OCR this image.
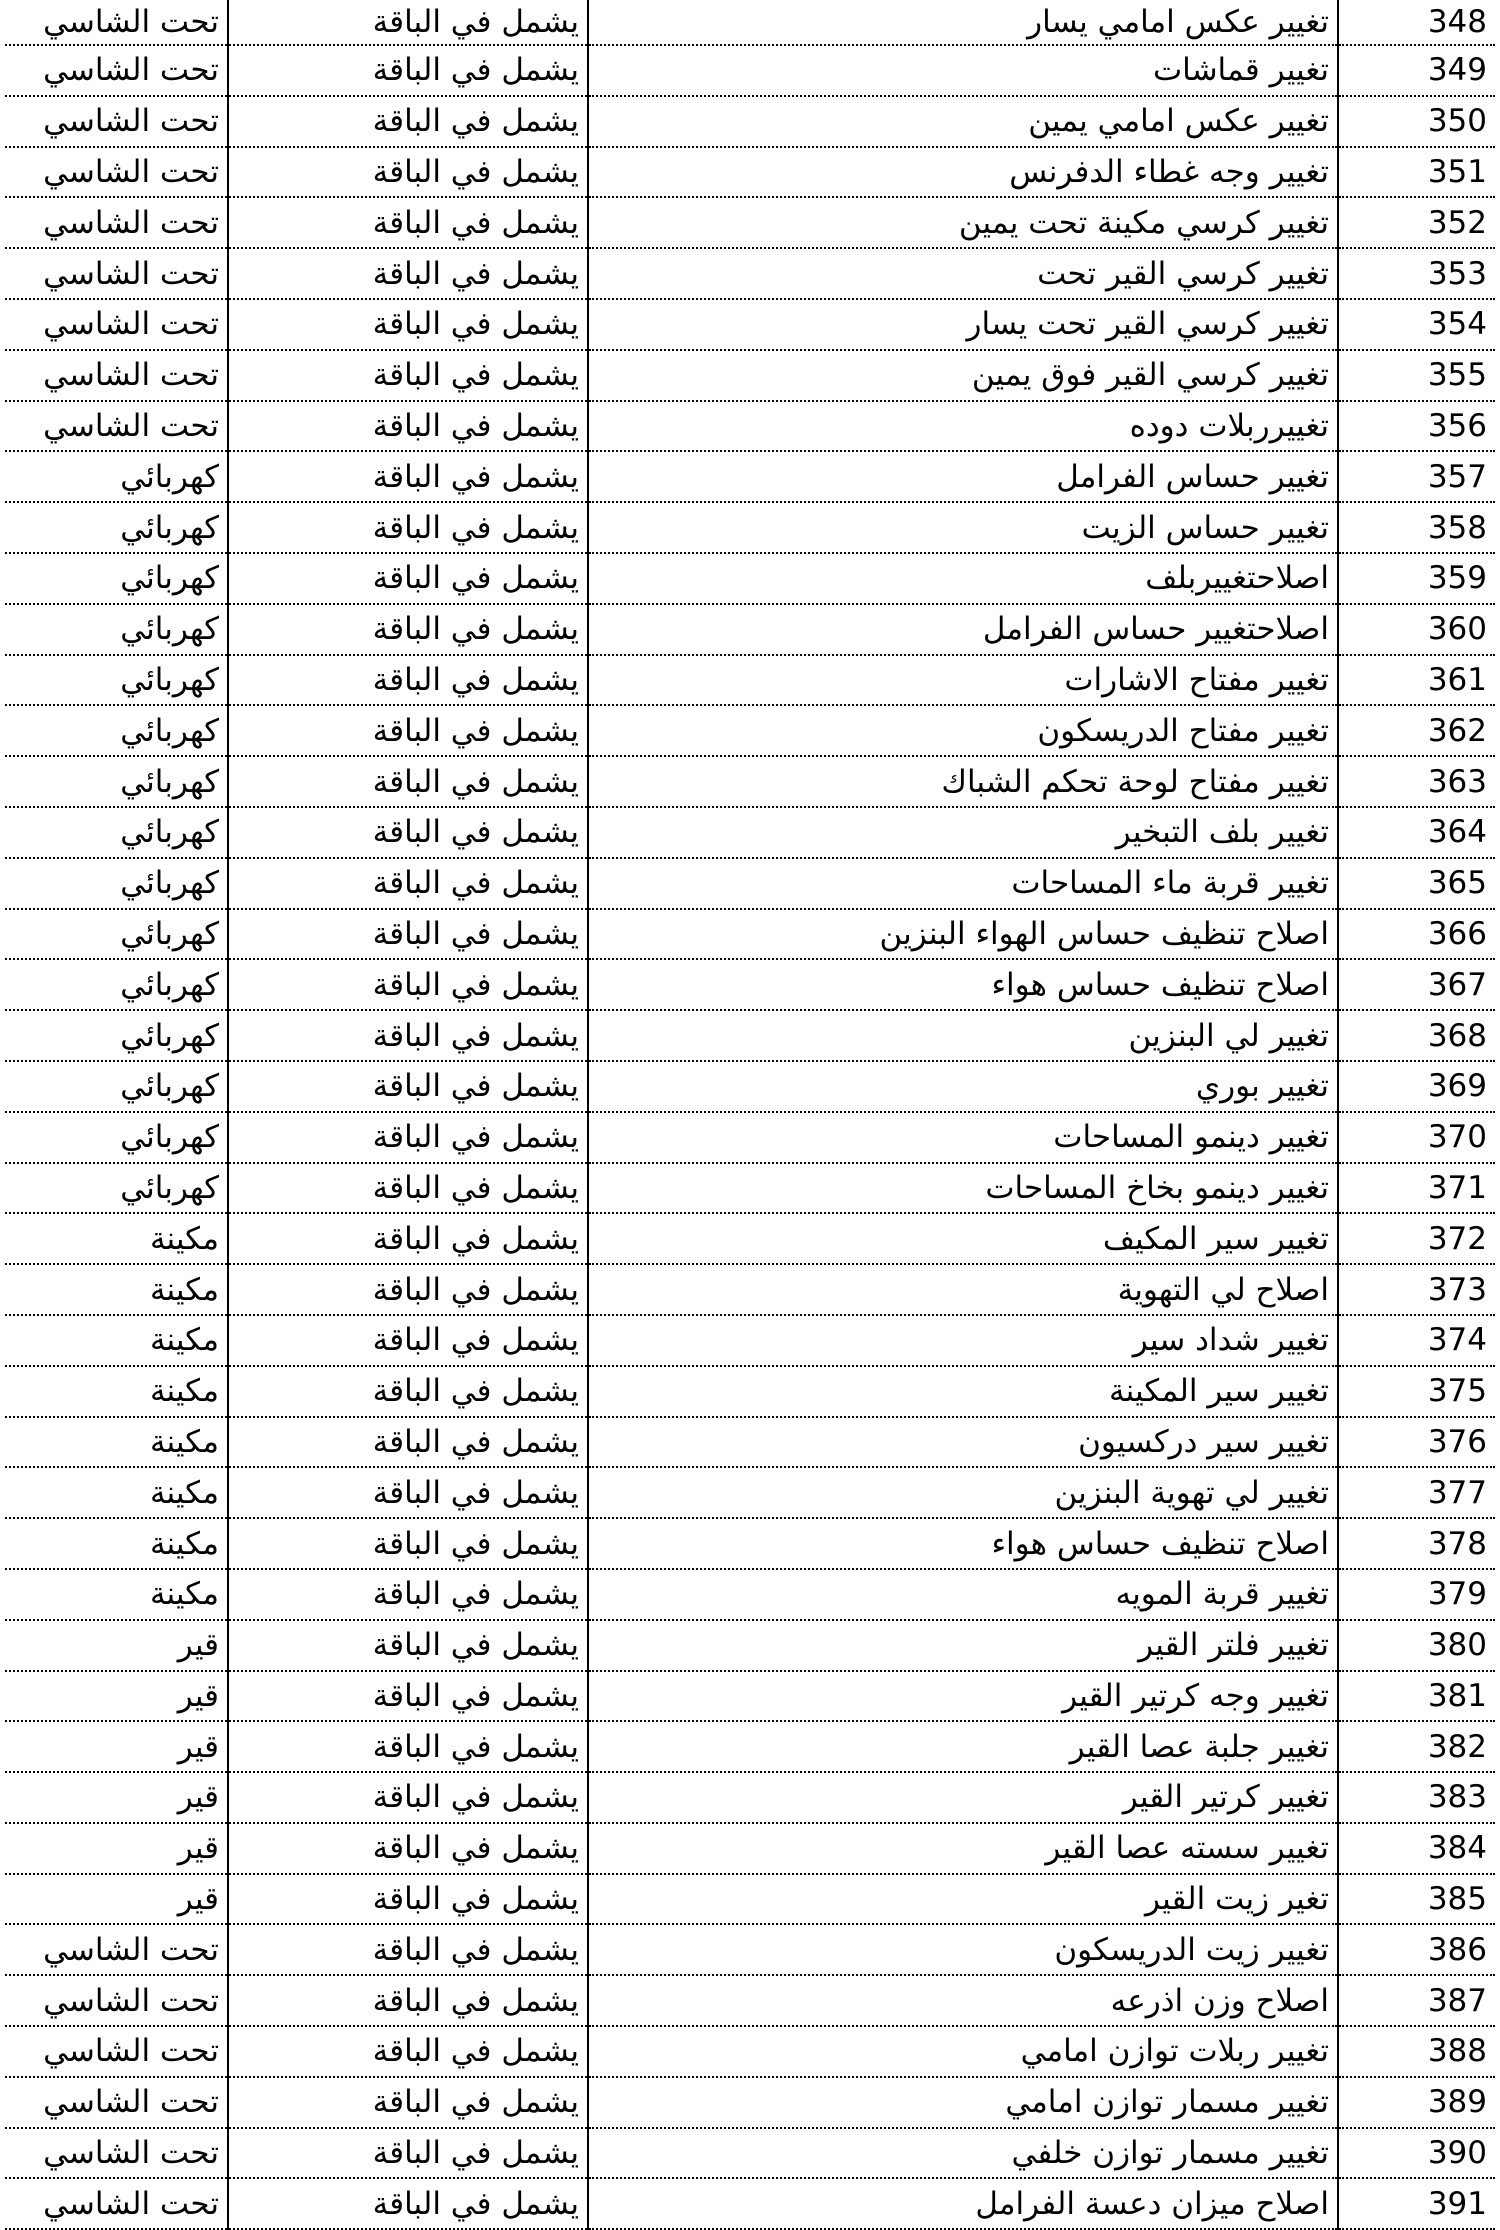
تحت الشاسي	يشمل في الباقة	تغيير عكس امامي يسار	348
تحت الشاسي	يشمل في الباقة	تغيير قماشات	349
تحت الشاسي	يشمل في الباقة	تغيير عكس امامي يمين	350
تحت الشاسي	يشمل في الباقة	تغيير وجه غطاء الدفرنس	351
تحت الشاسي	يشمل في الباقة	تغيير كرسي مكينة تحت يمين	352
تحت الشاسي	يشمل في الباقة	تغيير كرسي القير تحت	353
تحت الشاسي	يشمل في الباقة	تغيير كرسي القير تحت يسار	354
تحت الشاسي	يشمل في الباقة	تغيير كرسي القير فوق يمين	355
تحت الشاسي	يشمل في الباقة	تغييرربلات دوده	356
كهربائي	يشمل في الباقة	تغيير حساس الفرامل	357
كهربائي	يشمل في الباقة	تغيير حساس الزيت	358
كهربائي	يشمل في الباقة	اصلاحتغييربلف	359
كهربائي	يشمل في الباقة	اصلاحتغيير حساس الفرامل	360
كهربائي	يشمل في الباقة	تغيير مفتاح الاشارات	361
كهربائي	يشمل في الباقة	تغيير مفتاح الدريسكون	362
كهربائي	يشمل في الباقة	تغيير مفتاح لوحة تحكم الشباك	363
كهربائي	يشمل في الباقة	تغيير بلف التبخير	364
كهربائي	يشمل في الباقة	تغيير قربة ماء المساحات	365
كهربائي	يشمل في الباقة	اصلاح تنظيف حساس الهواء البنزين	366
كهربائي	يشمل في الباقة	اصلاح تنظيف حساس هواء	367
كهربائي	يشمل في الباقة	تغيير لي البنزين	368
كهربائي	يشمل في الباقة	تغيير بوري	369
كهربائي	يشمل في الباقة	تغيير دينمو المساحات	370
كهربائي	يشمل في الباقة	تغيير دينمو بخاخ المساحات	371
مكينة	يشمل في الباقة	تغيير سير المكيف	372
مكينة	يشمل في الباقة	اصلاح لي التهوية	373
مكينة	يشمل في الباقة	تغيير شداد سير	374
مكينة	يشمل في الباقة	تغيير سير المكينة	375
مكينة	يشمل في الباقة	تغيير سير دركسيون	376
مكينة	يشمل في الباقة	تغيير لي تهوية البنزين	377
مكينة	يشمل في الباقة	اصلاح تنظيف حساس هواء	378
مكينة	يشمل في الباقة	تغيير قربة المويه	379
قير	يشمل في الباقة	تغيير فلتر القير	380
قير	يشمل في الباقة	تغيير وجه كرتير القير	381
قير	يشمل في الباقة	تغيير جلبة عصا القير	382
قير	يشمل في الباقة	تغيير كرتير القير	383
قير	يشمل في الباقة	تغيير سسته عصا القير	384
قير	يشمل في الباقة	تغير زيت القير	385
تحت الشاسي	يشمل في الباقة	تغيير زيت الدريسكون	386
تحت الشاسي	يشمل في الباقة	اصلاح وزن اذرعه	387
تحت الشاسي	يشمل في الباقة	تغيير ربلات توازن امامي	388
تحت الشاسي	يشمل في الباقة	تغيير مسمار توازن امامي	389
تحت الشاسي	يشمل في الباقة	تغيير مسمار توازن خلفي	390
تحت الشاسي	يشمل في الباقة	اصلاح ميزان دعسة الفرامل	391
